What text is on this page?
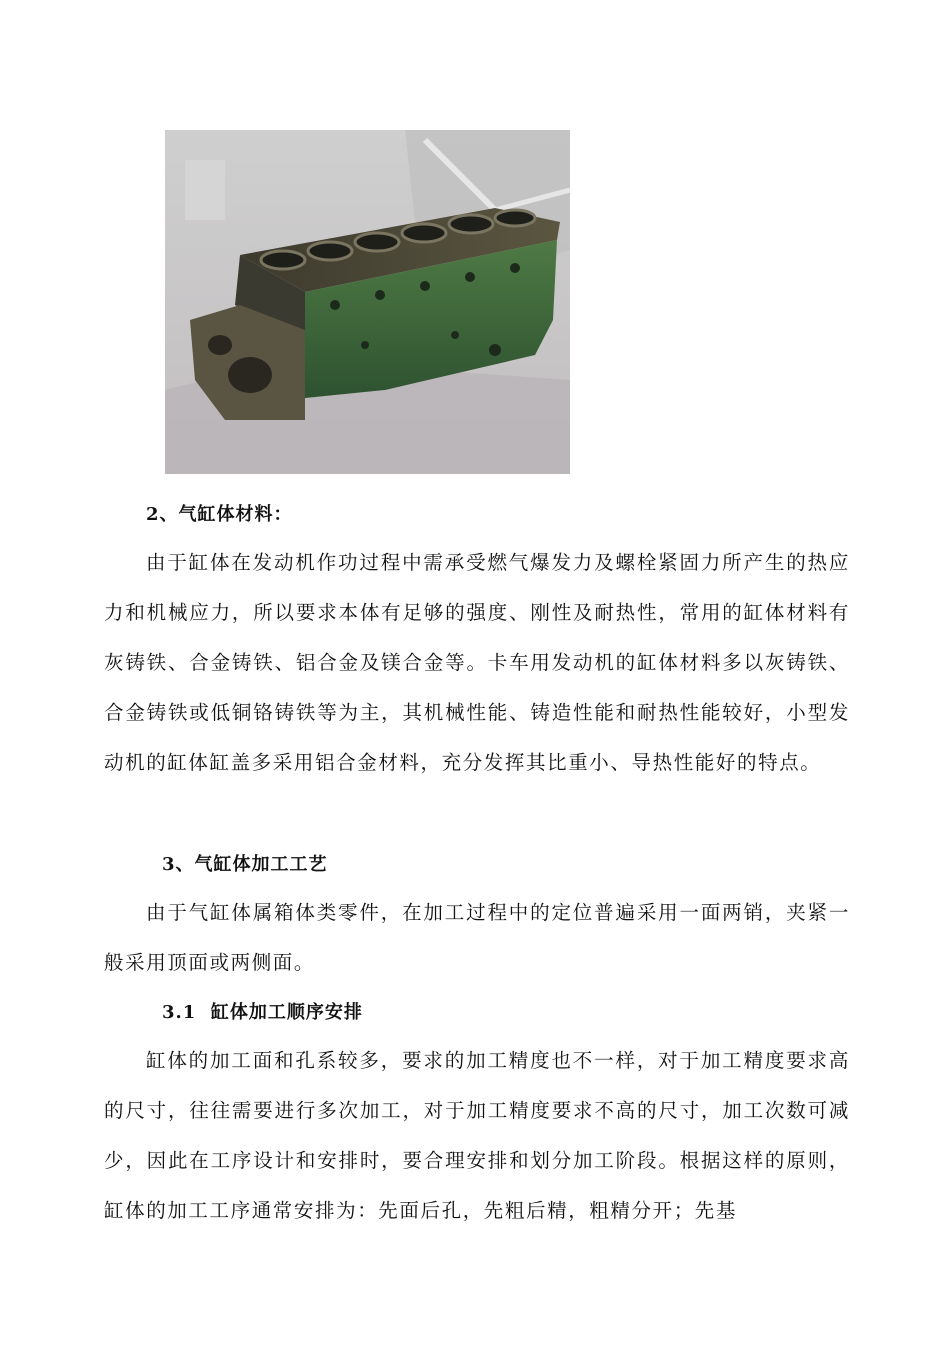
2、气缸体材料：

由于缸体在发动机作功过程中需承受燃气爆发力及螺栓紧固力所产生的热应力和机械应力，所以要求本体有足够的强度、刚性及耐热性，常用的缸体材料有灰铸铁、合金铸铁、铝合金及镁合金等。卡车用发动机的缸体材料多以灰铸铁、合金铸铁或低铜铬铸铁等为主，其机械性能、铸造性能和耐热性能较好，小型发动机的缸体缸盖多采用铝合金材料，充分发挥其比重小、导热性能好的特点。

3、气缸体加工工艺

由于气缸体属箱体类零件，在加工过程中的定位普遍采用一面两销，夹紧一般采用顶面或两侧面。

3.1  缸体加工顺序安排

缸体的加工面和孔系较多，要求的加工精度也不一样，对于加工精度要求高的尺寸，往往需要进行多次加工，对于加工精度要求不高的尺寸，加工次数可减少，因此在工序设计和安排时，要合理安排和划分加工阶段。根据这样的原则，缸体的加工工序通常安排为：先面后孔，先粗后精，粗精分开；先基
